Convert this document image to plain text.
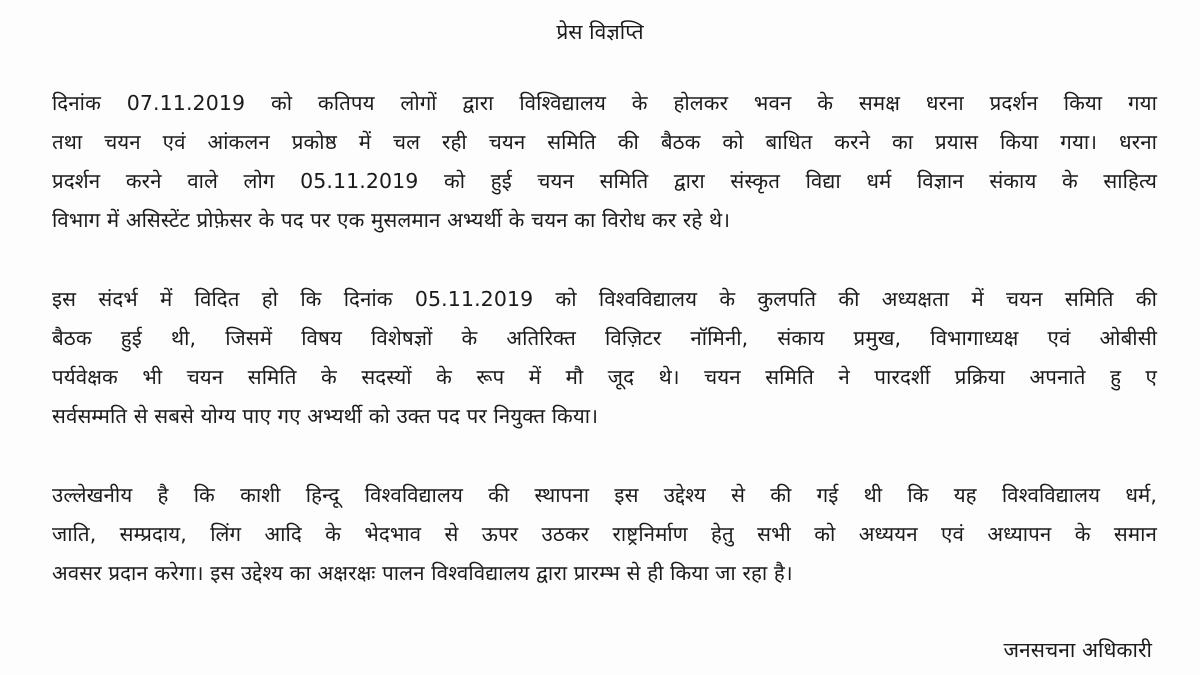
प्रेस विज्ञप्ति
दिनांक 07.11.2019 को कतिपय लोगों द्वारा विश्विद्यालय के होलकर भवन के समक्ष धरना प्रदर्शन किया गया
तथा चयन एवं आंकलन प्रकोष्ठ में चल रही चयन समिति की बैठक को बाधित करने का प्रयास किया गया। धरना
प्रदर्शन करने वाले लोग 05.11.2019 को हुई चयन समिति द्वारा संस्कृत विद्या धर्म विज्ञान संकाय के साहित्य
विभाग में असिस्टेंट प्रोफ़ेसर के पद पर एक मुसलमान अभ्यर्थी के चयन का विरोध कर रहे थे।
इस संदर्भ में विदित हो कि दिनांक 05.11.2019 को विश्वविद्यालय के कुलपति की अध्यक्षता में चयन समिति की
बैठक हुई थी, जिसमें विषय विशेषज्ञों के अतिरिक्त विज़िटर नॉमिनी, संकाय प्रमुख, विभागाध्यक्ष एवं ओबीसी
पर्यवेक्षक भी चयन समिति के सदस्यों के रूप में मौ जूद थे। चयन समिति ने पारदर्शी प्रक्रिया अपनाते हु ए
सर्वसम्मति से सबसे योग्य पाए गए अभ्यर्थी को उक्त पद पर नियुक्त किया।
उल्लेखनीय है कि काशी हिन्दू विश्वविद्यालय की स्थापना इस उद्देश्य से की गई थी कि यह विश्वविद्यालय धर्म,
जाति, सम्प्रदाय, लिंग आदि के भेदभाव से ऊपर उठकर राष्ट्रनिर्माण हेतु सभी को अध्ययन एवं अध्यापन के समान
अवसर प्रदान करेगा। इस उद्देश्य का अक्षरक्षः पालन विश्वविद्यालय द्वारा प्रारम्भ से ही किया जा रहा है।
जनसचना अधिकारी
